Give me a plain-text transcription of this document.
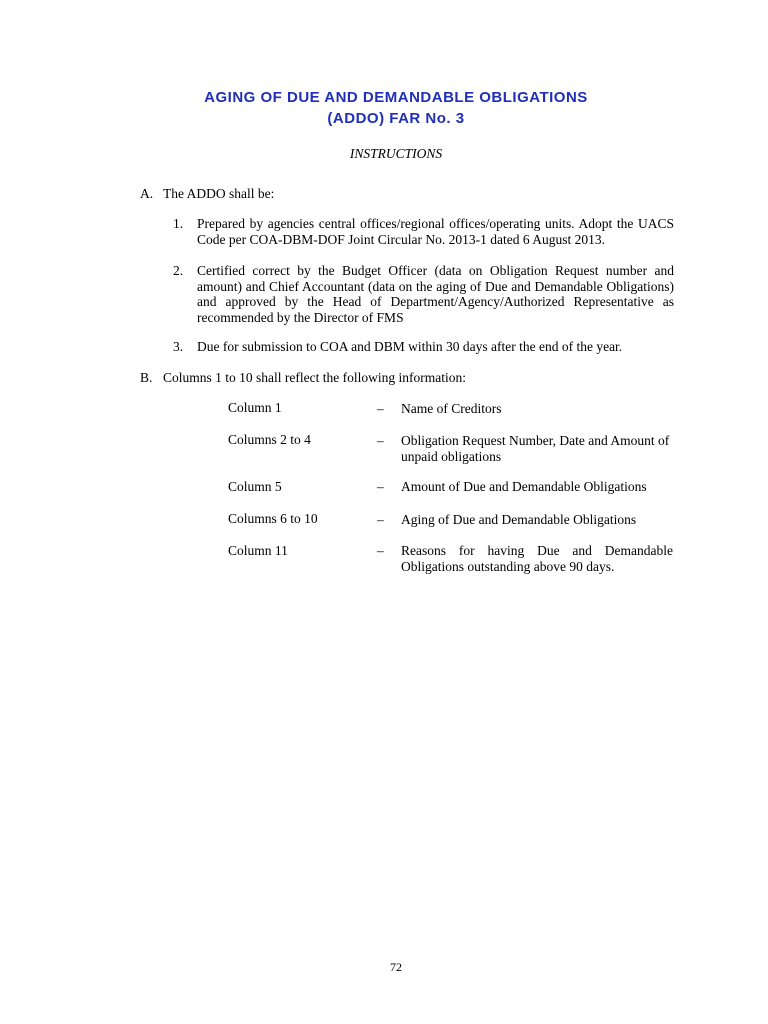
AGING OF DUE AND DEMANDABLE OBLIGATIONS
(ADDO) FAR No. 3
INSTRUCTIONS
A. The ADDO shall be:
1. Prepared by agencies central offices/regional offices/operating units. Adopt the UACS Code per COA-DBM-DOF Joint Circular No. 2013-1 dated 6 August 2013.
2. Certified correct by the Budget Officer (data on Obligation Request number and amount) and Chief Accountant (data on the aging of Due and Demandable Obligations) and approved by the Head of Department/Agency/Authorized Representative as recommended by the Director of FMS
3. Due for submission to COA and DBM within 30 days after the end of the year.
B. Columns 1 to 10 shall reflect the following information:
Column 1	– Name of Creditors
Columns 2 to 4	– Obligation Request Number, Date and Amount of unpaid obligations
Column 5	– Amount of Due and Demandable Obligations
Columns 6 to 10	– Aging of Due and Demandable Obligations
Column 11	– Reasons for having Due and Demandable Obligations outstanding above 90 days.
72
